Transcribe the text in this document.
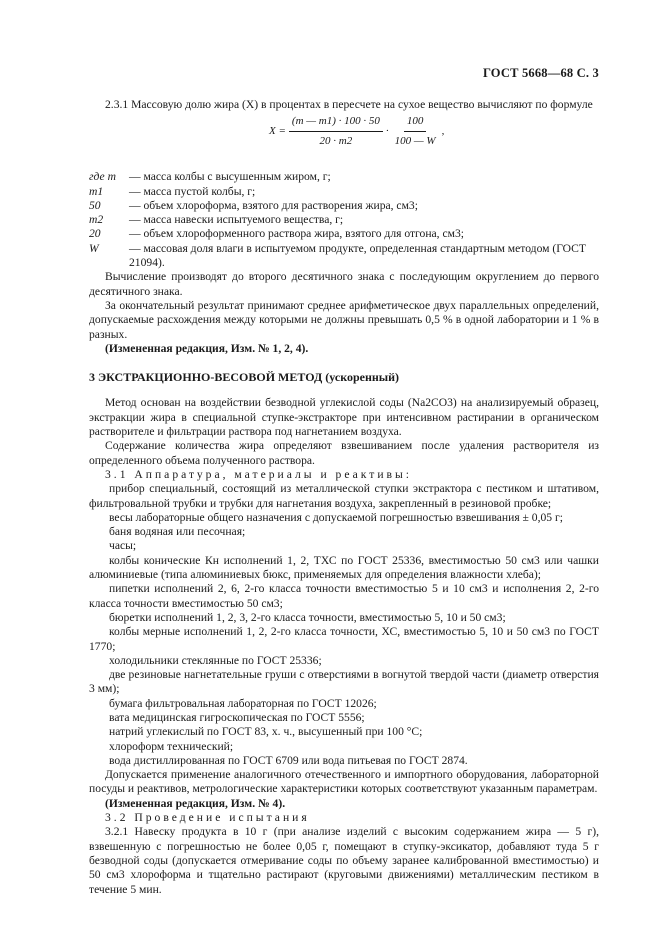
ГОСТ 5668—68 С. 3

2.3.1 Массовую долю жира (X) в процентах в пересчете на сухое вещество вычисляют по формуле

$X = \frac{(m — m1) \cdot 100 \cdot 50}{20 \cdot m2} \cdot \frac{100}{100 — W}$ ,
где m	— масса колбы с высушенным жиром, г;
m1	— масса пустой колбы, г;
50	— объем хлороформа, взятого для растворения жира, см3;
m2	— масса навески испытуемого вещества, г;
20	— объем хлороформенного раствора жира, взятого для отгона, см3;
W	— массовая доля влаги в испытуемом продукте, определенная стандартным методом (ГОСТ 21094).

Вычисление производят до второго десятичного знака с последующим округлением до первого десятичного знака.

За окончательный результат принимают среднее арифметическое двух параллельных определений, допускаемые расхождения между которыми не должны превышать 0,5 % в одной лаборатории и 1 % в разных.

(Измененная редакция, Изм. № 1, 2, 4).

3 ЭКСТРАКЦИОННО-ВЕСОВОЙ МЕТОД (ускоренный)

Метод основан на воздействии безводной углекислой соды (Na2CO3) на анализируемый образец, экстракции жира в специальной ступке-экстракторе при интенсивном растирании в органическом растворителе и фильтрации раствора под нагнетанием воздуха.

Содержание количества жира определяют взвешиванием после удаления растворителя из определенного объема полученного раствора.

3.1 Аппаратура, материалы и реактивы:

прибор специальный, состоящий из металлической ступки экстрактора с пестиком и штативом, фильтровальной трубки и трубки для нагнетания воздуха, закрепленный в резиновой пробке;

весы лабораторные общего назначения с допускаемой погрешностью взвешивания ± 0,05 г;

баня водяная или песочная;

часы;

колбы конические Кн исполнений 1, 2, ТХС по ГОСТ 25336, вместимостью 50 см3 или чашки алюминиевые (типа алюминиевых бюкс, применяемых для определения влажности хлеба);

пипетки исполнений 2, 6, 2-го класса точности вместимостью 5 и 10 см3 и исполнения 2, 2-го класса точности вместимостью 50 см3;

бюретки исполнений 1, 2, 3, 2-го класса точности, вместимостью 5, 10 и 50 см3;

колбы мерные исполнений 1, 2, 2-го класса точности, ХС, вместимостью 5, 10 и 50 см3 по ГОСТ 1770;

холодильники стеклянные по ГОСТ 25336;

две резиновые нагнетательные груши с отверстиями в вогнутой твердой части (диаметр отверстия 3 мм);

бумага фильтровальная лабораторная по ГОСТ 12026;

вата медицинская гигроскопическая по ГОСТ 5556;

натрий углекислый по ГОСТ 83, х. ч., высушенный при 100 °С;

хлороформ технический;

вода дистиллированная по ГОСТ 6709 или вода питьевая по ГОСТ 2874.

Допускается применение аналогичного отечественного и импортного оборудования, лабораторной посуды и реактивов, метрологические характеристики которых соответствуют указанным параметрам.

(Измененная редакция, Изм. № 4).

3.2 Проведение испытания

3.2.1 Навеску продукта в 10 г (при анализе изделий с высоким содержанием жира — 5 г), взвешенную с погрешностью не более 0,05 г, помещают в ступку-эксикатор, добавляют туда 5 г безводной соды (допускается отмеривание соды по объему заранее калиброванной вместимостью) и 50 см3 хлороформа и тщательно растирают (круговыми движениями) металлическим пестиком в течение 5 мин.
